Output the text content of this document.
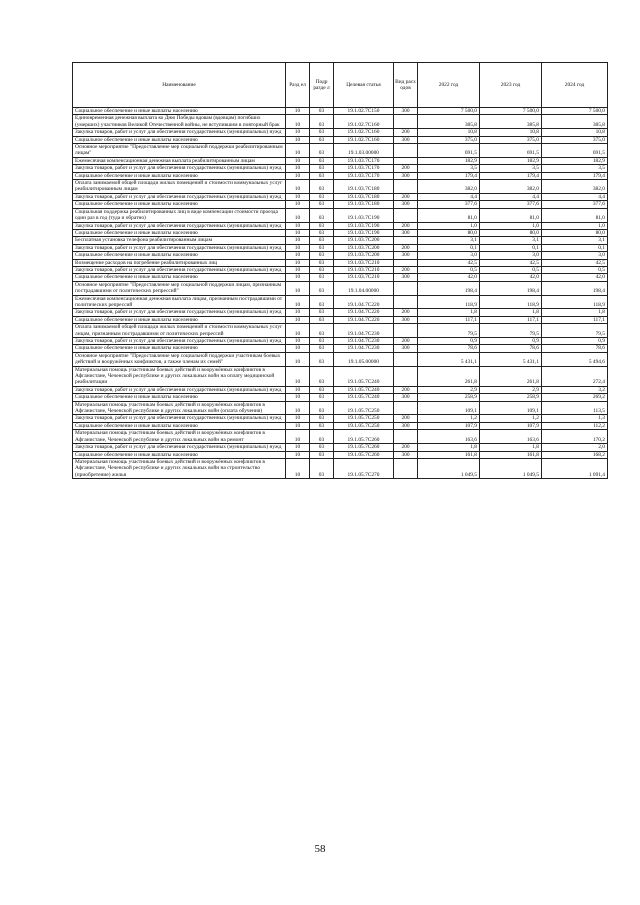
Наименование	Разд ел	Подр разде л	Целевая статья	Вид расх одов	2022 год	2023 год	2024 год
Социальное обеспечение и иные выплаты населению	10	03	19.1.02.7C150	300	7 500,0	7 500,0	7 500,0
Единовременная денежная выплата ко Дню Победы вдовам (вдовцам) погибших (умерших) участников Великой Отечественной войны, не вступившим в повторный брак	10	03	19.1.02.7C160		385,8	385,8	385,8
Закупка товаров, работ и услуг для обеспечения государственных (муниципальных) нужд	10	03	19.1.02.7C160	200	10,8	10,8	10,8
Социальное обеспечение и иные выплаты населению	10	03	19.1.02.7C160	300	375,0	375,0	375,0
Основное мероприятие "Предоставление мер социальной поддержки реабилитированным лицам"	10	03	19.1.03.00000		691,5	691,5	691,5
Ежемесячная компенсационная денежная выплата реабилитированным лицам	10	03	19.1.03.7C170		182,9	182,9	182,9
Закупка товаров, работ и услуг для обеспечения государственных (муниципальных) нужд	10	03	19.1.03.7C170	200	3,5	3,5	3,5
Социальное обеспечение и иные выплаты населению	10	03	19.1.03.7C170	300	179,4	179,4	179,4
Оплата занимаемой общей площади жилых помещений и стоимости коммунальных услуг реабилитированным лицам	10	03	19.1.03.7C180		382,0	382,0	382,0
Закупка товаров, работ и услуг для обеспечения государственных (муниципальных) нужд	10	03	19.1.03.7C180	200	4,4	4,4	4,4
Социальное обеспечение и иные выплаты населению	10	03	19.1.03.7C180	300	377,6	377,6	377,6
Социальная поддержка реабилитированных лиц в виде компенсации стоимости проезда один раз в год (туда и обратно)	10	03	19.1.03.7C190		81,0	81,0	81,0
Закупка товаров, работ и услуг для обеспечения государственных (муниципальных) нужд	10	03	19.1.03.7C190	200	1,0	1,0	1,0
Социальное обеспечение и иные выплаты населению	10	03	19.1.03.7C190	300	80,0	80,0	80,0
Бесплатная установка телефона реабилитированным лицам	10	03	19.1.03.7C200		3,1	3,1	3,1
Закупка товаров, работ и услуг для обеспечения государственных (муниципальных) нужд	10	03	19.1.03.7C200	200	0,1	0,1	0,1
Социальное обеспечение и иные выплаты населению	10	03	19.1.03.7C200	300	3,0	3,0	3,0
Возмещение расходов на погребение реабилитированных лиц	10	03	19.1.03.7C210		42,5	42,5	42,5
Закупка товаров, работ и услуг для обеспечения государственных (муниципальных) нужд	10	03	19.1.03.7C210	200	0,5	0,5	0,5
Социальное обеспечение и иные выплаты населению	10	03	19.1.03.7C210	300	42,0	42,0	42,0
Основное мероприятие "Предоставление мер социальной поддержки лицам, признанным пострадавшими от политических репрессий"	10	03	19.1.04.00000		198,4	198,4	198,4
Ежемесячная компенсационная денежная выплата лицам, признанным пострадавшими от политических репрессий	10	03	19.1.04.7C220		118,9	118,9	118,9
Закупка товаров, работ и услуг для обеспечения государственных (муниципальных) нужд	10	03	19.1.04.7C220	200	1,8	1,8	1,8
Социальное обеспечение и иные выплаты населению	10	03	19.1.04.7C220	300	117,1	117,1	117,1
Оплата занимаемой общей площади жилых помещений и стоимости коммунальных услуг лицам, признанным пострадавшими от политических репрессий	10	03	19.1.04.7C230		79,5	79,5	79,5
Закупка товаров, работ и услуг для обеспечения государственных (муниципальных) нужд	10	03	19.1.04.7C230	200	0,9	0,9	0,9
Социальное обеспечение и иные выплаты населению	10	03	19.1.04.7C230	300	78,6	78,6	78,6
Основное мероприятие "Предоставление мер социальной поддержки участникам боевых действий и вооружённых конфликтов, а также членам их семей"	10	03	19.1.05.00000		5 431,1	5 431,1	5 494,6
Материальная помощь участникам боевых действий и вооружённых конфликтов в Афганистане, Чеченской республике и других локальных войн на оплату медицинской реабилитации	10	03	19.1.05.7C240		261,8	261,8	272,4
Закупка товаров, работ и услуг для обеспечения государственных (муниципальных) нужд	10	03	19.1.05.7C240	200	2,9	2,9	3,2
Социальное обеспечение и иные выплаты населению	10	03	19.1.05.7C240	300	258,9	258,9	269,2
Материальная помощь участникам боевых действий и вооружённых конфликтов в Афганистане, Чеченской республике и других локальных войн (оплата обучения)	10	03	19.1.05.7C250		109,1	109,1	113,5
Закупка товаров, работ и услуг для обеспечения государственных (муниципальных) нужд	10	03	19.1.05.7C250	200	1,2	1,2	1,3
Социальное обеспечение и иные выплаты населению	10	03	19.1.05.7C250	300	107,9	107,9	112,2
Материальная помощь участникам боевых действий и вооружённых конфликтов в Афганистане, Чеченской республике и других локальных войн на ремонт	10	03	19.1.05.7C260		163,6	163,6	170,2
Закупка товаров, работ и услуг для обеспечения государственных (муниципальных) нужд	10	03	19.1.05.7C260	200	1,8	1,8	2,0
Социальное обеспечение и иные выплаты населению	10	03	19.1.05.7C260	300	161,8	161,8	168,2
Материальная помощь участникам боевых действий и вооружённых конфликтов в Афганистане, Чеченской республике и других локальных войн на строительство (приобретение) жилья	10	03	19.1.05.7C270		1 049,5	1 049,5	1 091,4
58
